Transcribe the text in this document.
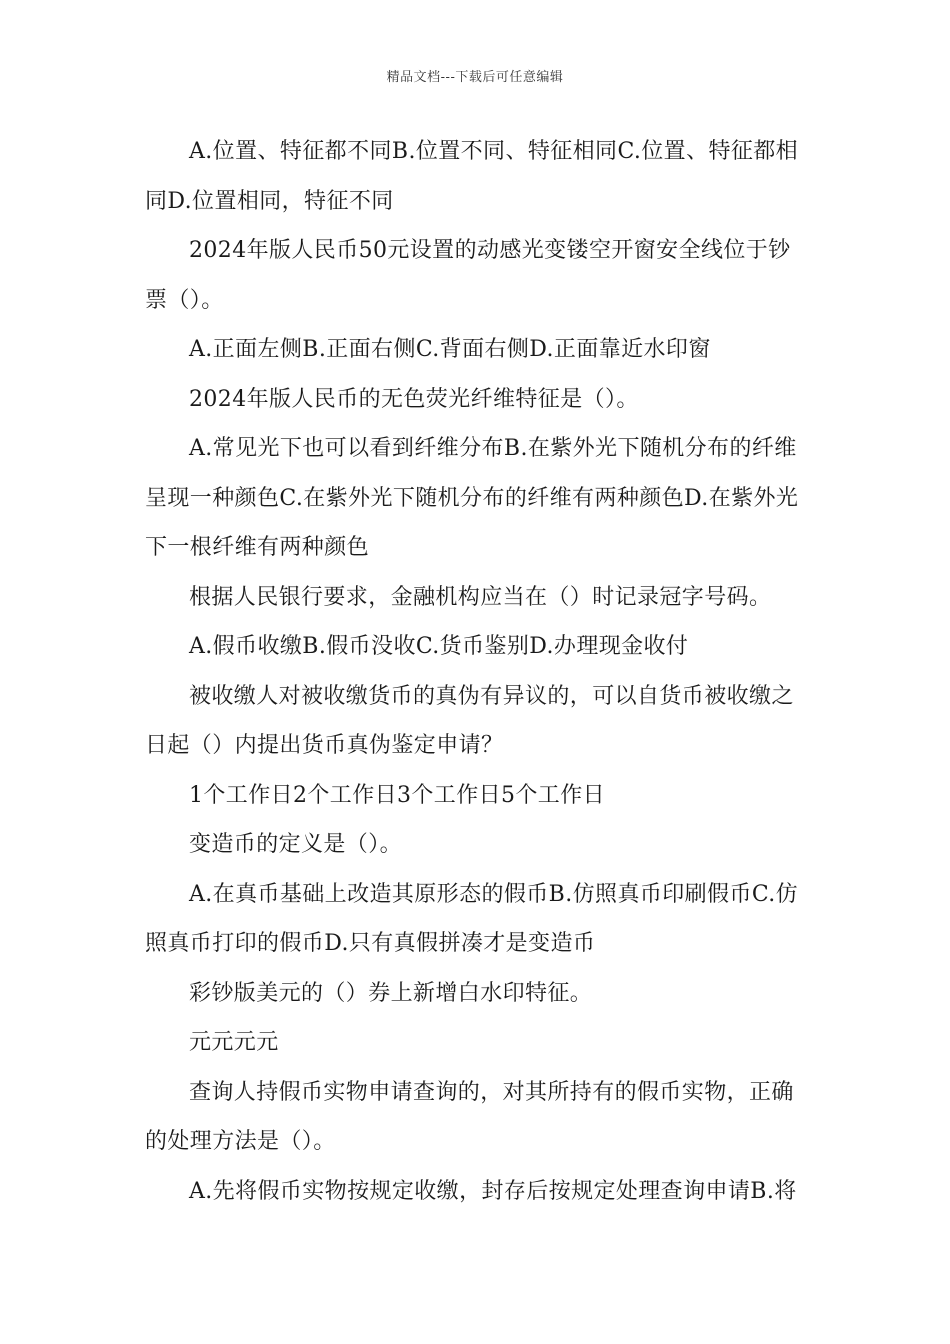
精品文档---下载后可任意编辑

A.位置、特征都不同B.位置不同、特征相同C.位置、特征都相同D.位置相同，特征不同

2024年版人民币50元设置的动感光变镂空开窗安全线位于钞票（）。

A.正面左侧B.正面右侧C.背面右侧D.正面靠近水印窗

2024年版人民币的无色荧光纤维特征是（）。

A.常见光下也可以看到纤维分布B.在紫外光下随机分布的纤维呈现一种颜色C.在紫外光下随机分布的纤维有两种颜色D.在紫外光下一根纤维有两种颜色

根据人民银行要求，金融机构应当在（）时记录冠字号码。

A.假币收缴B.假币没收C.货币鉴别D.办理现金收付

被收缴人对被收缴货币的真伪有异议的，可以自货币被收缴之日起（）内提出货币真伪鉴定申请？

1个工作日2个工作日3个工作日5个工作日

变造币的定义是（）。

A.在真币基础上改造其原形态的假币B.仿照真币印刷假币C.仿照真币打印的假币D.只有真假拼凑才是变造币

彩钞版美元的（）券上新增白水印特征。

元元元元

查询人持假币实物申请查询的，对其所持有的假币实物，正确的处理方法是（）。

A.先将假币实物按规定收缴，封存后按规定处理查询申请B.将
